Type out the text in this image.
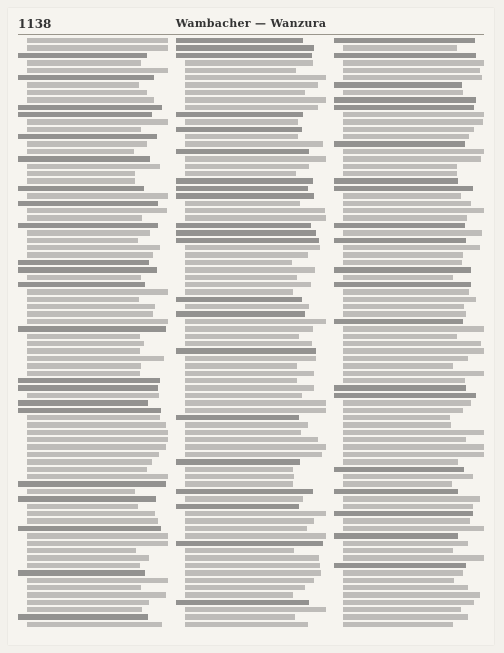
1138	Wambacher — Wanzura
